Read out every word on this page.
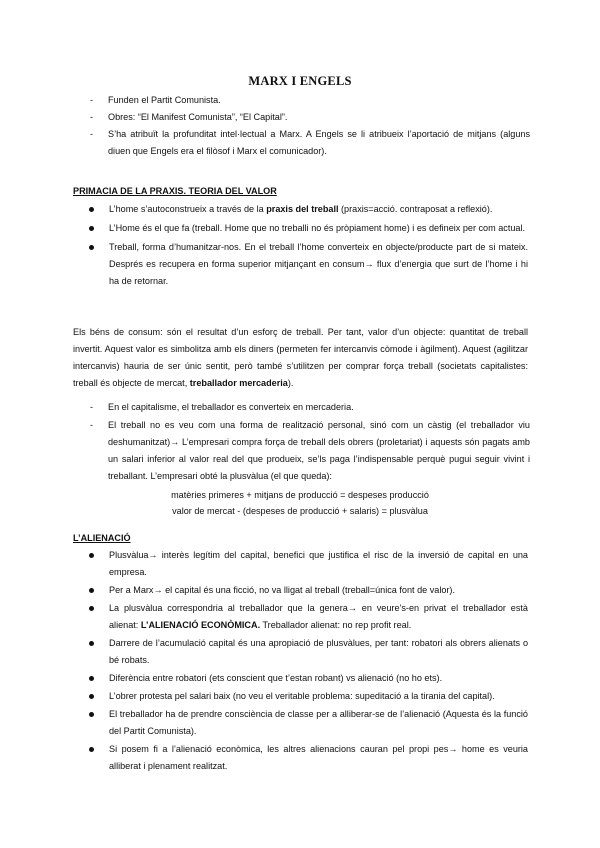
MARX I ENGELS
- Funden el Partit Comunista.
- Obres: “El Manifest Comunista”, “El Capital”.
- S’ha atribuït la profunditat intel·lectual a Marx. A Engels se li atribueix l’aportació de mitjans (alguns diuen que Engels era el filòsof i Marx el comunicador).
PRIMACIA DE LA PRAXIS. TEORIA DEL VALOR
L’home s’autoconstrueix a través de la praxis del treball (praxis=acció. contraposat a reflexió).
L’Home és el que fa (treball. Home que no treballi no és pròpiament home) i es defineix per com actual.
Treball, forma d’humanitzar-nos. En el treball l’home converteix en objecte/producte part de si mateix. Després es recupera en forma superior mitjançant en consum→ flux d’energia que surt de l’home i hi ha de retornar.
Els béns de consum: són el resultat d’un esforç de treball. Per tant, valor d’un objecte: quantitat de treball invertit. Aquest valor es simbolitza amb els diners (permeten fer intercanvis còmode i àgilment). Aquest (agilitzar intercanvis) hauria de ser únic sentit, però també s’utilitzen per comprar força treball (societats capitalistes: treball és objecte de mercat, treballador mercaderia).
- En el capitalisme, el treballador es converteix en mercaderia.
- El treball no es veu com una forma de realització personal, sinó com un càstig (el treballador viu deshumanitzat)→ L’empresari compra força de treball dels obrers (proletariat) i aquests són pagats amb un salari inferior al valor real del que produeix, se’ls paga l’indispensable perquè pugui seguir vivint i treballant. L’empresari obté la plusvàlua (el que queda):
matèries primeres + mitjans de producció = despeses producció
valor de mercat - (despeses de producció + salaris) = plusvàlua
L’ALIENACIÓ
Plusvàlua→ interès legítim del capital, benefici que justifica el risc de la inversió de capital en una empresa.
Per a Marx→ el capital és una ficció, no va lligat al treball (treball=única font de valor).
La plusvàlua correspondria al treballador que la genera→ en veure’s-en privat el treballador està alienat: L’ALIENACIÓ ECONÒMICA. Treballador alienat: no rep profit real.
Darrere de l’acumulació capital és una apropiació de plusvàlues, per tant: robatori als obrers alienats o bé robats.
Diferència entre robatori (ets conscient que t’estan robant) vs alienació (no ho ets).
L’obrer protesta pel salari baix (no veu el veritable problema: supeditació a la tirania del capital).
El treballador ha de prendre consciència de classe per a alliberar-se de l’alienació (Aquesta és la funció del Partit Comunista).
Si posem fi a l’alienació econòmica, les altres alienacions cauran pel propi pes→ home es veuria alliberat i plenament realitzat.
